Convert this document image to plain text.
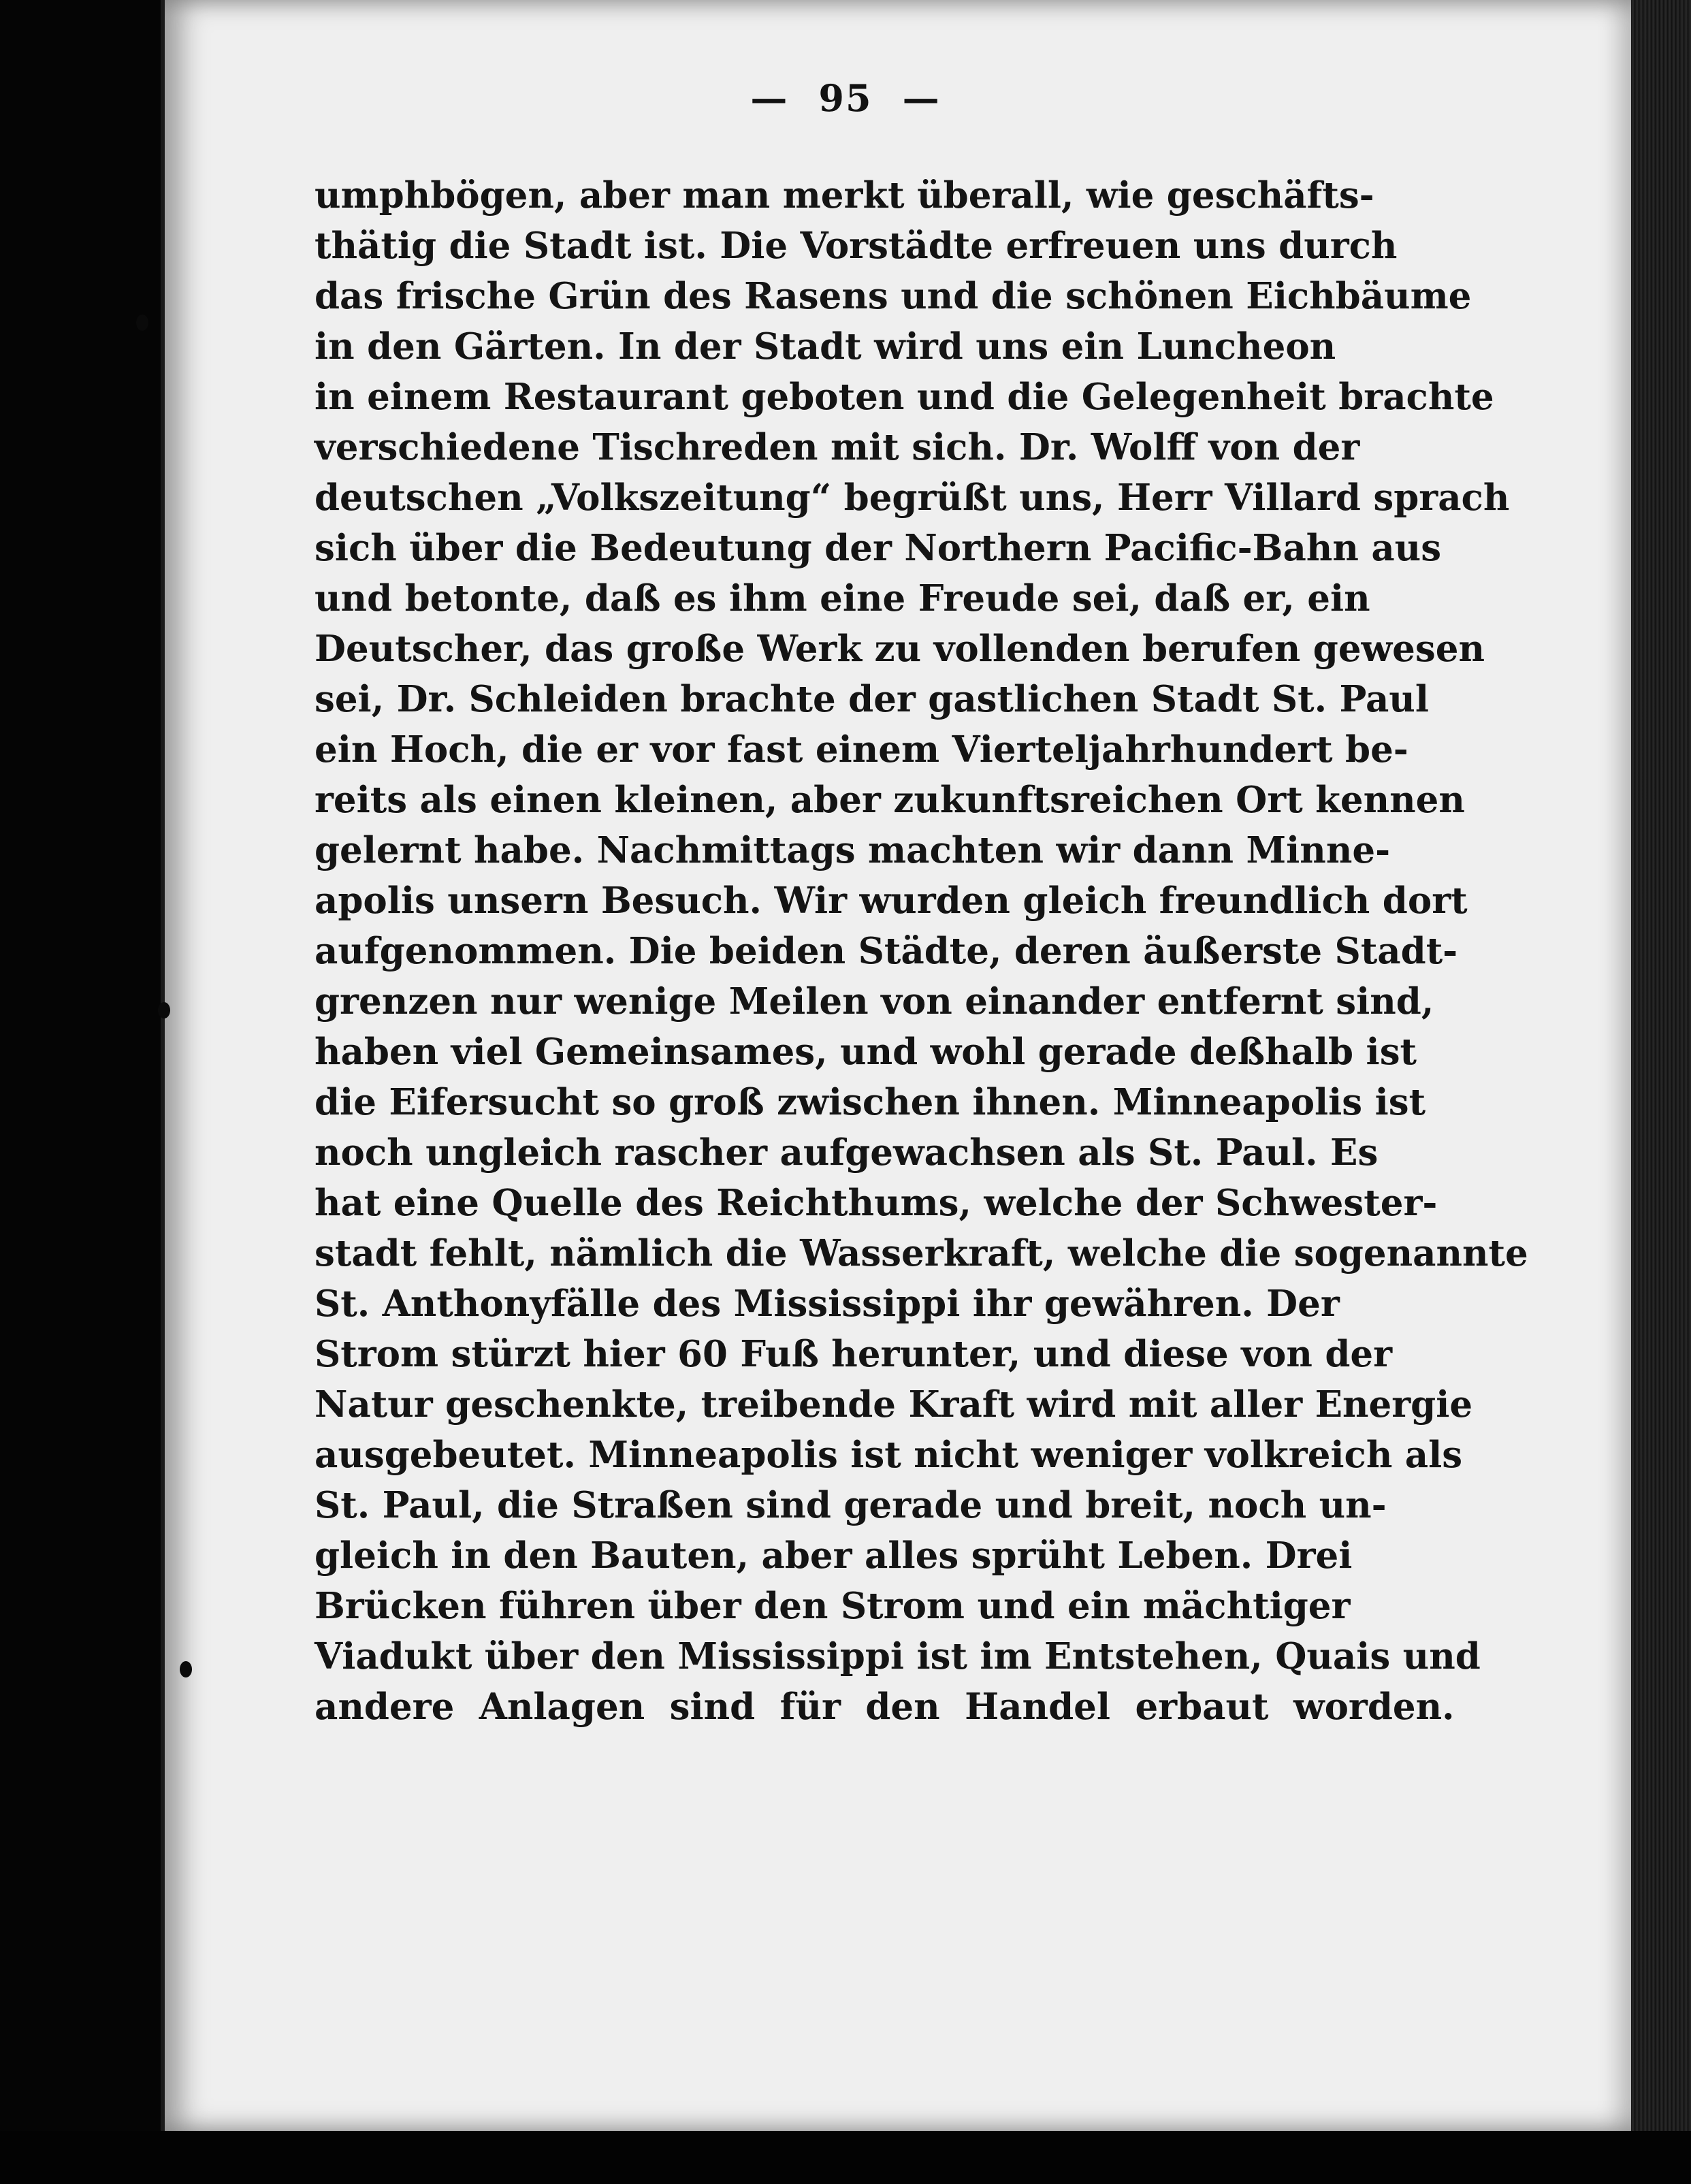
— 95 —
umphbögen, aber man merkt überall, wie geschäfts-
thätig die Stadt ist. Die Vorstädte erfreuen uns durch
das frische Grün des Rasens und die schönen Eichbäume
in den Gärten. In der Stadt wird uns ein Luncheon
in einem Restaurant geboten und die Gelegenheit brachte
verschiedene Tischreden mit sich. Dr. Wolff von der
deutschen „Volkszeitung“ begrüßt uns, Herr Villard sprach
sich über die Bedeutung der Northern Pacific-Bahn aus
und betonte, daß es ihm eine Freude sei, daß er, ein
Deutscher, das große Werk zu vollenden berufen gewesen
sei, Dr. Schleiden brachte der gastlichen Stadt St. Paul
ein Hoch, die er vor fast einem Vierteljahrhundert be-
reits als einen kleinen, aber zukunftsreichen Ort kennen
gelernt habe. Nachmittags machten wir dann Minne-
apolis unsern Besuch. Wir wurden gleich freundlich dort
aufgenommen. Die beiden Städte, deren äußerste Stadt-
grenzen nur wenige Meilen von einander entfernt sind,
haben viel Gemeinsames, und wohl gerade deßhalb ist
die Eifersucht so groß zwischen ihnen. Minneapolis ist
noch ungleich rascher aufgewachsen als St. Paul. Es
hat eine Quelle des Reichthums, welche der Schwester-
stadt fehlt, nämlich die Wasserkraft, welche die sogenannte
St. Anthonyfälle des Mississippi ihr gewähren. Der
Strom stürzt hier 60 Fuß herunter, und diese von der
Natur geschenkte, treibende Kraft wird mit aller Energie
ausgebeutet. Minneapolis ist nicht weniger volkreich als
St. Paul, die Straßen sind gerade und breit, noch un-
gleich in den Bauten, aber alles sprüht Leben. Drei
Brücken führen über den Strom und ein mächtiger
Viadukt über den Mississippi ist im Entstehen, Quais und
andere Anlagen sind für den Handel erbaut worden.
